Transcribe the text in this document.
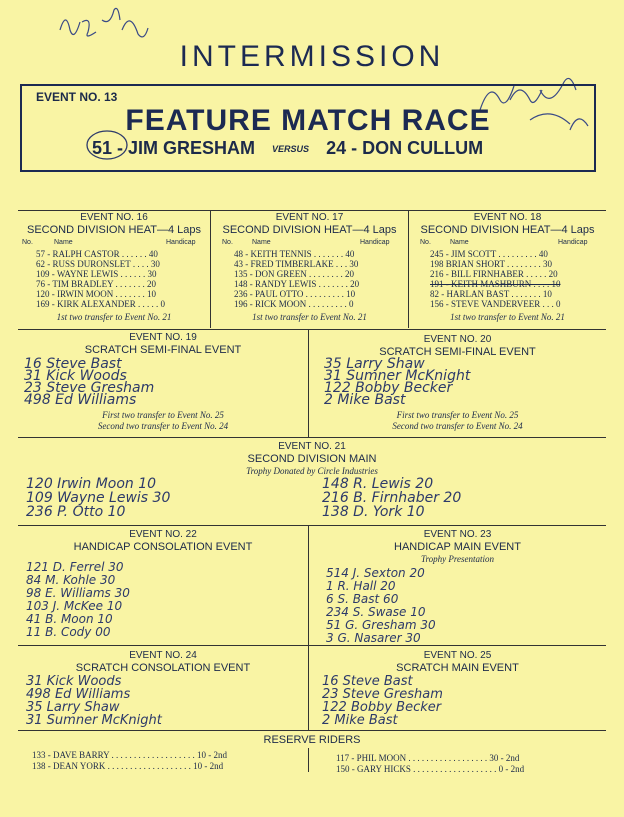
INTERMISSION
EVENT NO. 13
FEATURE MATCH RACE
51 - JIM GRESHAM VERSUS 24 - DON CULLUM
EVENT NO. 16
SECOND DIVISION HEAT—4 Laps
No.	Name	Handicap
57 - RALPH CASTOR . . . . . . 40
62 - RUSS DURONSLET . . . . 30
109 - WAYNE LEWIS . . . . . . 30
76 - TIM BRADLEY . . . . . . . 20
120 - IRWIN MOON . . . . . . . 10
169 - KIRK ALEXANDER . . . . . 0
1st two transfer to Event No. 21
EVENT NO. 17
SECOND DIVISION HEAT—4 Laps
No.	Name	Handicap
48 - KEITH TENNIS . . . . . . . 40
43 - FRED TIMBERLAKE . . . 30
135 - DON GREEN . . . . . . . . 20
148 - RANDY LEWIS . . . . . . . 20
236 - PAUL OTTO . . . . . . . . . 10
196 - RICK MOON . . . . . . . . . 0
1st two transfer to Event No. 21
EVENT NO. 18
SECOND DIVISION HEAT—4 Laps
No.	Name	Handicap
245 - JIM SCOTT . . . . . . . . . 40
198 BRIAN SHORT . . . . . . . . 30
216 - BILL FIRNHABER . . . . . 20
191 - KEITH MASHBURN . . . . 10
82 - HARLAN BAST . . . . . . . 10
156 - STEVE VANDERVEER . . . 0
1st two transfer to Event No. 21
EVENT NO. 19
SCRATCH SEMI-FINAL EVENT
16 Steve Bast
31 Kick Woods
23 Steve Gresham
498 Ed Williams
First two transfer to Event No. 25
Second two transfer to Event No. 24
EVENT NO. 20
SCRATCH SEMI-FINAL EVENT
35 Larry Shaw
31 Sumner McKnight
122 Bobby Becker
2 Mike Bast
First two transfer to Event No. 25
Second two transfer to Event No. 24
EVENT NO. 21
SECOND DIVISION MAIN
Trophy Donated by Circle Industries
120 Irwin Moon 10
109 Wayne Lewis 30
236 P. Otto 10
148 R. Lewis 20
216 B. Firnhaber 20
138 D. York 10
EVENT NO. 22
HANDICAP CONSOLATION EVENT
121 D. Ferrel 30
84 M. Kohle 30
98 E. Williams 30
103 J. McKee 10
41 B. Moon 10
11 B. Cody 00
EVENT NO. 23
HANDICAP MAIN EVENT
Trophy Presentation
514 J. Sexton 20
1 R. Hall 20
6 S. Bast 60
234 S. Swase 10
51 G. Gresham 30
3 G. Nasarer 30
EVENT NO. 24
SCRATCH CONSOLATION EVENT
31 Kick Woods
498 Ed Williams
35 Larry Shaw
31 Sumner McKnight
EVENT NO. 25
SCRATCH MAIN EVENT
16 Steve Bast
23 Steve Gresham
122 Bobby Becker
2 Mike Bast
RESERVE RIDERS
133 - DAVE BARRY . . . . . . . . . . . . . . . . . . . 10 - 2nd
138 - DEAN YORK . . . . . . . . . . . . . . . . . . . 10 - 2nd
117 - PHIL MOON . . . . . . . . . . . . . . . . . . 30 - 2nd
150 - GARY HICKS . . . . . . . . . . . . . . . . . . . 0 - 2nd
